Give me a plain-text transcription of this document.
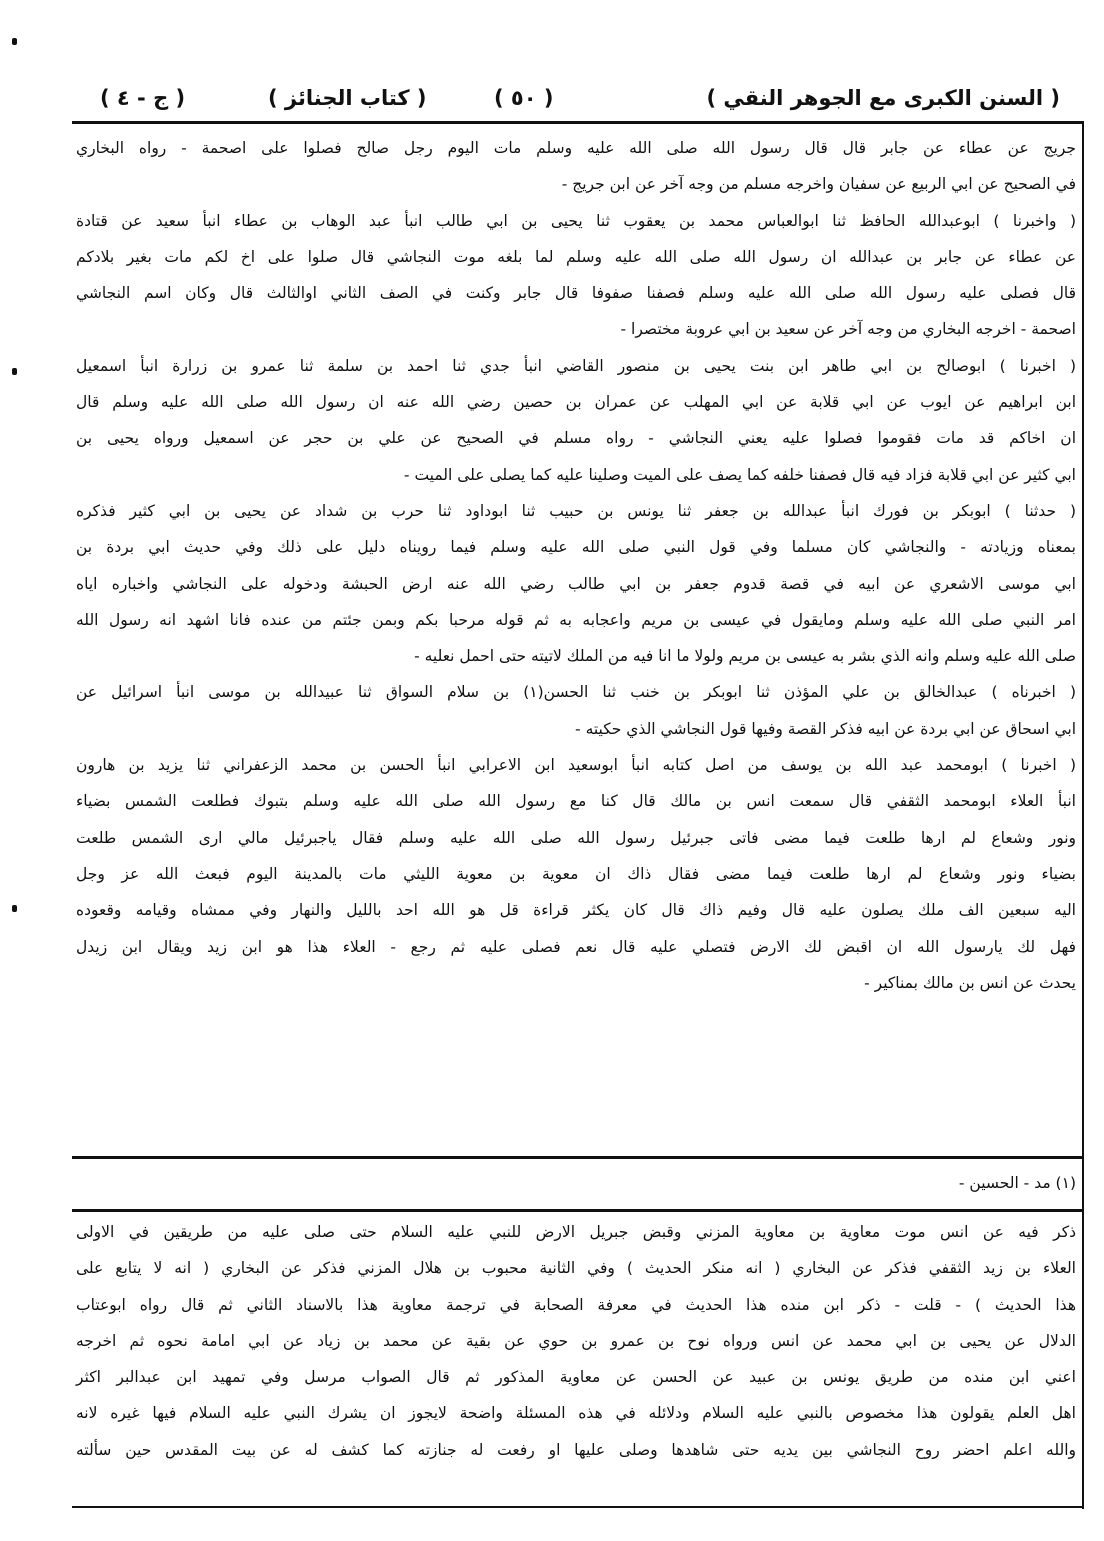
( السنن الكبرى مع الجوهر النقي )
( ٥٠ )
( كتاب الجنائز )
( ج - ٤ )
جريج عن عطاء عن جابر قال قال رسول الله صلى الله عليه وسلم مات اليوم رجل صالح فصلوا على اصحمة - رواه البخاري
في الصحيح عن ابي الربيع عن سفيان واخرجه مسلم من وجه آخر عن ابن جريج -
( واخبرنا ) ابوعبدالله الحافظ ثنا ابوالعباس محمد بن يعقوب ثنا يحيى بن ابي طالب انبأ عبد الوهاب بن عطاء انبأ سعيد عن قتادة
عن عطاء عن جابر بن عبدالله ان رسول الله صلى الله عليه وسلم لما بلغه موت النجاشي قال صلوا على اخ لكم مات بغير بلادكم
قال فصلى عليه رسول الله صلى الله عليه وسلم فصفنا صفوفا قال جابر وكنت في الصف الثاني اوالثالث قال وكان اسم النجاشي
اصحمة - اخرجه البخاري من وجه آخر عن سعيد بن ابي عروبة مختصرا -
( اخبرنا ) ابوصالح بن ابي طاهر ابن بنت يحيى بن منصور القاضي انبأ جدي ثنا احمد بن سلمة ثنا عمرو بن زرارة انبأ اسمعيل
ابن ابراهيم عن ايوب عن ابي قلابة عن ابي المهلب عن عمران بن حصين رضي الله عنه ان رسول الله صلى الله عليه وسلم قال
ان اخاكم قد مات فقوموا فصلوا عليه يعني النجاشي - رواه مسلم في الصحيح عن علي بن حجر عن اسمعيل ورواه يحيى بن
ابي كثير عن ابي قلابة فزاد فيه قال فصفنا خلفه كما يصف على الميت وصلينا عليه كما يصلى على الميت -
( حدثنا ) ابوبكر بن فورك انبأ عبدالله بن جعفر ثنا يونس بن حبيب ثنا ابوداود ثنا حرب بن شداد عن يحيى بن ابي كثير فذكره
بمعناه وزيادته - والنجاشي كان مسلما وفي قول النبي صلى الله عليه وسلم فيما رويناه دليل على ذلك وفي حديث ابي بردة بن
ابي موسى الاشعري عن ابيه في قصة قدوم جعفر بن ابي طالب رضي الله عنه ارض الحبشة ودخوله على النجاشي واخباره اياه
امر النبي صلى الله عليه وسلم ومايقول في عيسى بن مريم واعجابه به ثم قوله مرحبا بكم وبمن جئتم من عنده فانا اشهد انه رسول الله
صلى الله عليه وسلم وانه الذي بشر به عيسى بن مريم ولولا ما انا فيه من الملك لاتيته حتى احمل نعليه -
( اخبرناه ) عبدالخالق بن علي المؤذن ثنا ابوبكر بن خنب ثنا الحسن(١) بن سلام السواق ثنا عبيدالله بن موسى انبأ اسرائيل عن
ابي اسحاق عن ابي بردة عن ابيه فذكر القصة وفيها قول النجاشي الذي حكيته -
( اخبرنا ) ابومحمد عبد الله بن يوسف من اصل كتابه انبأ ابوسعيد ابن الاعرابي انبأ الحسن بن محمد الزعفراني ثنا يزيد بن هارون
انبأ العلاء ابومحمد الثقفي قال سمعت انس بن مالك قال كنا مع رسول الله صلى الله عليه وسلم بتبوك فطلعت الشمس بضياء
ونور وشعاع لم ارها طلعت فيما مضى فاتى جبرئيل رسول الله صلى الله عليه وسلم فقال ياجبرئيل مالي ارى الشمس طلعت
بضياء ونور وشعاع لم ارها طلعت فيما مضى فقال ذاك ان معوية بن معوية الليثي مات بالمدينة اليوم فبعث الله عز وجل
اليه سبعين الف ملك يصلون عليه قال وفيم ذاك قال كان يكثر قراءة قل هو الله احد بالليل والنهار وفي ممشاه وقيامه وقعوده
فهل لك يارسول الله ان اقبض لك الارض فتصلي عليه قال نعم فصلى عليه ثم رجع - العلاء هذا هو ابن زيد ويقال ابن زيدل
يحدث عن انس بن مالك بمناكير -
(١) مد - الحسين -
ذكر فيه عن انس موت معاوية بن معاوية المزني وقبض جبريل الارض للنبي عليه السلام حتى صلى عليه من طريقين في الاولى
العلاء بن زيد الثقفي فذكر عن البخاري ( انه منكر الحديث ) وفي الثانية محبوب بن هلال المزني فذكر عن البخاري ( انه لا يتابع على
هذا الحديث ) - قلت - ذكر ابن منده هذا الحديث في معرفة الصحابة في ترجمة معاوية هذا بالاسناد الثاني ثم قال رواه ابوعتاب
الدلال عن يحيى بن ابي محمد عن انس ورواه نوح بن عمرو بن حوي عن بقية عن محمد بن زياد عن ابي امامة نحوه ثم اخرجه
اعني ابن منده من طريق يونس بن عبيد عن الحسن عن معاوية المذكور ثم قال الصواب مرسل وفي تمهيد ابن عبدالبر اكثر
اهل العلم يقولون هذا مخصوص بالنبي عليه السلام ودلائله في هذه المسئلة واضحة لايجوز ان يشرك النبي عليه السلام فيها غيره لانه
والله اعلم احضر روح النجاشي بين يديه حتى شاهدها وصلى عليها او رفعت له جنازته كما كشف له عن بيت المقدس حين سألته
